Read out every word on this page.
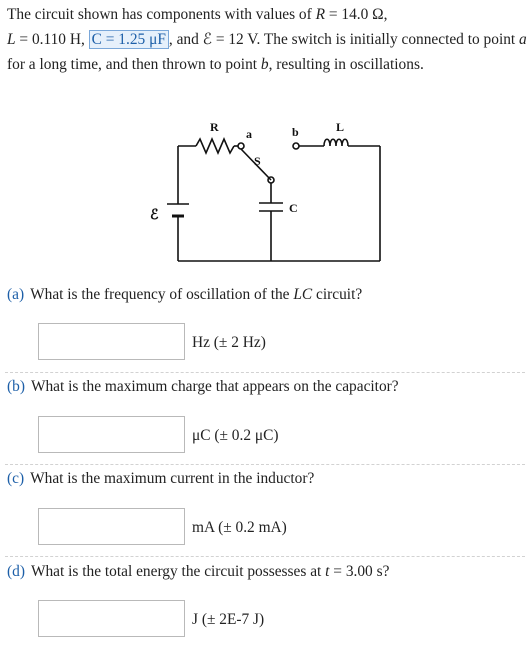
The circuit shown has components with values of R = 14.0 Ω,
L = 0.110 H, C = 1.25 μF , and ℰ = 12 V. The switch is initially connected to point a for a long time, and then thrown to point b, resulting in oscillations.
R a	b	L
S
ℰ	C
(a) What is the frequency of oscillation of the LC circuit?
Hz (± 2 Hz)
(b) What is the maximum charge that appears on the capacitor?
μC (± 0.2 μC)
(c) What is the maximum current in the inductor?
mA (± 0.2 mA)
(d) What is the total energy the circuit possesses at t = 3.00 s?
J (± 2E-7 J)
